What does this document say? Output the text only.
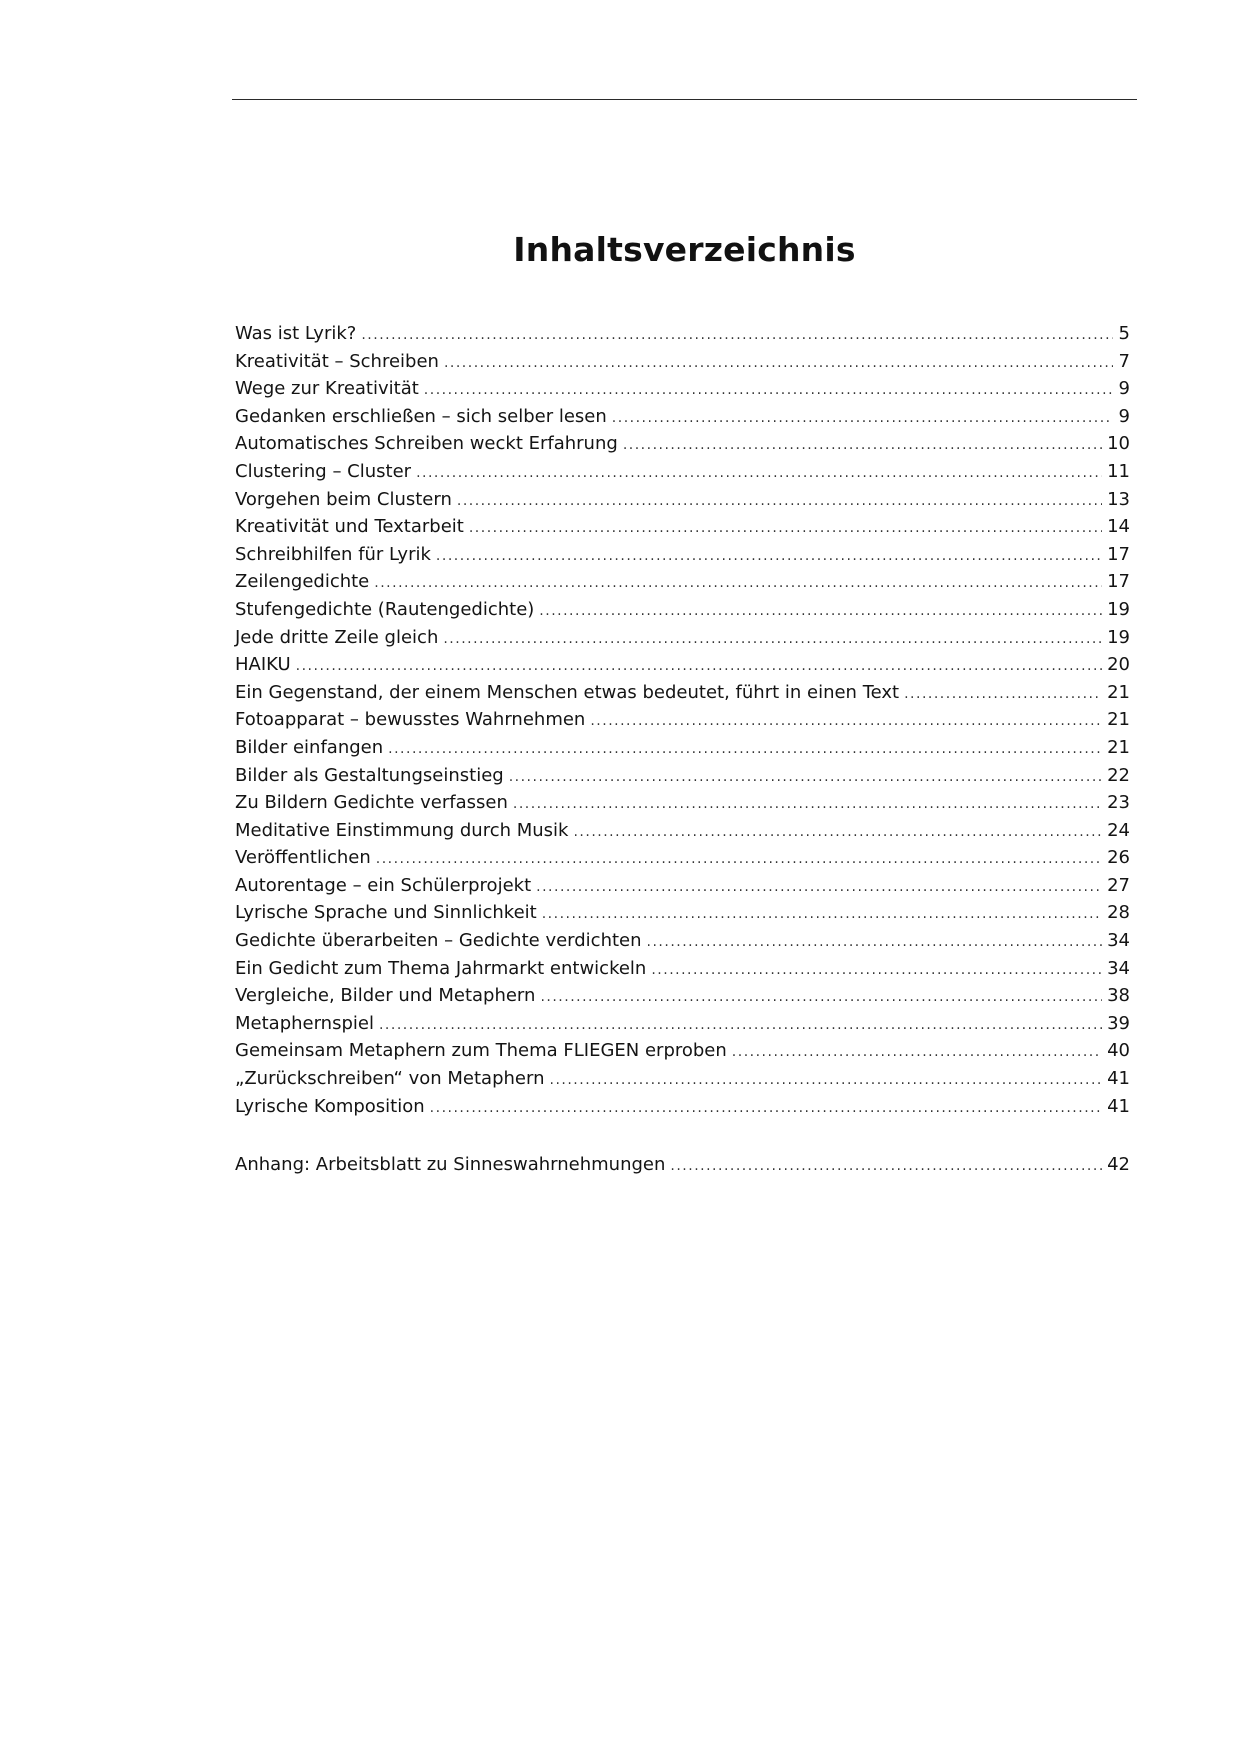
Inhaltsverzeichnis
Was ist Lyrik? .....	5
Kreativität – Schreiben .....	7
Wege zur Kreativität .....	9
Gedanken erschließen – sich selber lesen .....	9
Automatisches Schreiben weckt Erfahrung .....	10
Clustering – Cluster .....	11
Vorgehen beim Clustern .....	13
Kreativität und Textarbeit .....	14
Schreibhilfen für Lyrik .....	17
Zeilengedichte .....	17
Stufengedichte (Rautengedichte) .....	19
Jede dritte Zeile gleich .....	19
HAIKU .....	20
Ein Gegenstand, der einem Menschen etwas bedeutet, führt in einen Text .....	21
Fotoapparat – bewusstes Wahrnehmen .....	21
Bilder einfangen .....	21
Bilder als Gestaltungseinstieg .....	22
Zu Bildern Gedichte verfassen .....	23
Meditative Einstimmung durch Musik .....	24
Veröffentlichen .....	26
Autorentage – ein Schülerprojekt .....	27
Lyrische Sprache und Sinnlichkeit .....	28
Gedichte überarbeiten – Gedichte verdichten .....	34
Ein Gedicht zum Thema Jahrmarkt entwickeln .....	34
Vergleiche, Bilder und Metaphern .....	38
Metaphernspiel .....	39
Gemeinsam Metaphern zum Thema FLIEGEN erproben .....	40
„Zurückschreiben“ von Metaphern .....	41
Lyrische Komposition .....	41
Anhang: Arbeitsblatt zu Sinneswahrnehmungen .....	42
